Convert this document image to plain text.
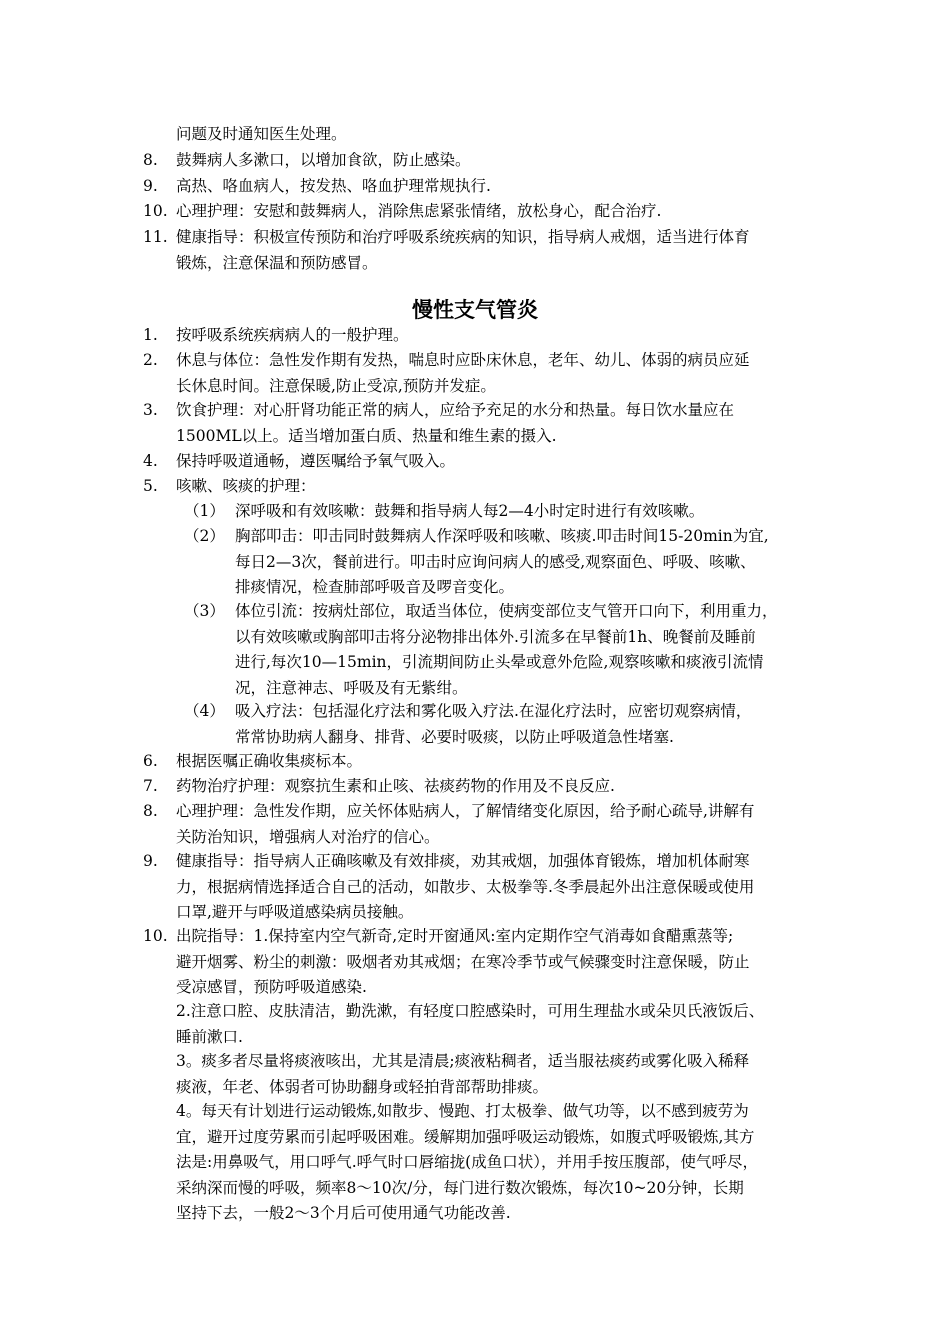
问题及时通知医生处理。
8. 鼓舞病人多漱口，以增加食欲，防止感染。
9. 高热、咯血病人，按发热、咯血护理常规执行.
10. 心理护理：安慰和鼓舞病人，消除焦虑紧张情绪，放松身心，配合治疗.
11. 健康指导：积极宣传预防和治疗呼吸系统疾病的知识，指导病人戒烟，适当进行体育
锻炼，注意保温和预防感冒。
慢性支气管炎
1. 按呼吸系统疾病病人的一般护理。
2. 休息与体位：急性发作期有发热，喘息时应卧床休息，老年、幼儿、体弱的病员应延
长休息时间。注意保暖,防止受凉,预防并发症。
3. 饮食护理：对心肝肾功能正常的病人，应给予充足的水分和热量。每日饮水量应在
1500ML以上。适当增加蛋白质、热量和维生素的摄入.
4. 保持呼吸道通畅，遵医嘱给予氧气吸入。
5. 咳嗽、咳痰的护理：
（1） 深呼吸和有效咳嗽：鼓舞和指导病人每2—4小时定时进行有效咳嗽。
（2） 胸部叩击：叩击同时鼓舞病人作深呼吸和咳嗽、咳痰.叩击时间15-20min为宜,
每日2—3次，餐前进行。叩击时应询问病人的感受,观察面色、呼吸、咳嗽、
排痰情况，检查肺部呼吸音及啰音变化。
（3） 体位引流：按病灶部位，取适当体位，使病变部位支气管开口向下，利用重力，
以有效咳嗽或胸部叩击将分泌物排出体外.引流多在早餐前1h、晚餐前及睡前
进行,每次10—15min，引流期间防止头晕或意外危险,观察咳嗽和痰液引流情
况，注意神志、呼吸及有无紫绀。
（4） 吸入疗法：包括湿化疗法和雾化吸入疗法.在湿化疗法时，应密切观察病情，
常常协助病人翻身、排背、必要时吸痰，以防止呼吸道急性堵塞.
6. 根据医嘱正确收集痰标本。
7. 药物治疗护理：观察抗生素和止咳、祛痰药物的作用及不良反应.
8. 心理护理：急性发作期，应关怀体贴病人，了解情绪变化原因，给予耐心疏导,讲解有
关防治知识，增强病人对治疗的信心。
9. 健康指导：指导病人正确咳嗽及有效排痰，劝其戒烟，加强体育锻炼，增加机体耐寒
力，根据病情选择适合自己的活动，如散步、太极拳等.冬季晨起外出注意保暖或使用
口罩,避开与呼吸道感染病员接触。
10. 出院指导：1.保持室内空气新奇,定时开窗通风:室内定期作空气消毒如食醋熏蒸等;
避开烟雾、粉尘的刺激：吸烟者劝其戒烟；在寒冷季节或气候骤变时注意保暖，防止
受凉感冒，预防呼吸道感染.
2.注意口腔、皮肤清洁，勤洗漱，有轻度口腔感染时，可用生理盐水或朵贝氏液饭后、
睡前漱口.
3。痰多者尽量将痰液咳出，尤其是清晨;痰液粘稠者，适当服祛痰药或雾化吸入稀释
痰液，年老、体弱者可协助翻身或轻拍背部帮助排痰。
4。每天有计划进行运动锻炼,如散步、慢跑、打太极拳、做气功等，以不感到疲劳为
宜，避开过度劳累而引起呼吸困难。缓解期加强呼吸运动锻炼，如腹式呼吸锻炼,其方
法是:用鼻吸气，用口呼气.呼气时口唇缩拢(成鱼口状），并用手按压腹部，使气呼尽，
采纳深而慢的呼吸，频率8～10次/分，每门进行数次锻炼，每次10~20分钟，长期
坚持下去，一般2～3个月后可使用通气功能改善.
